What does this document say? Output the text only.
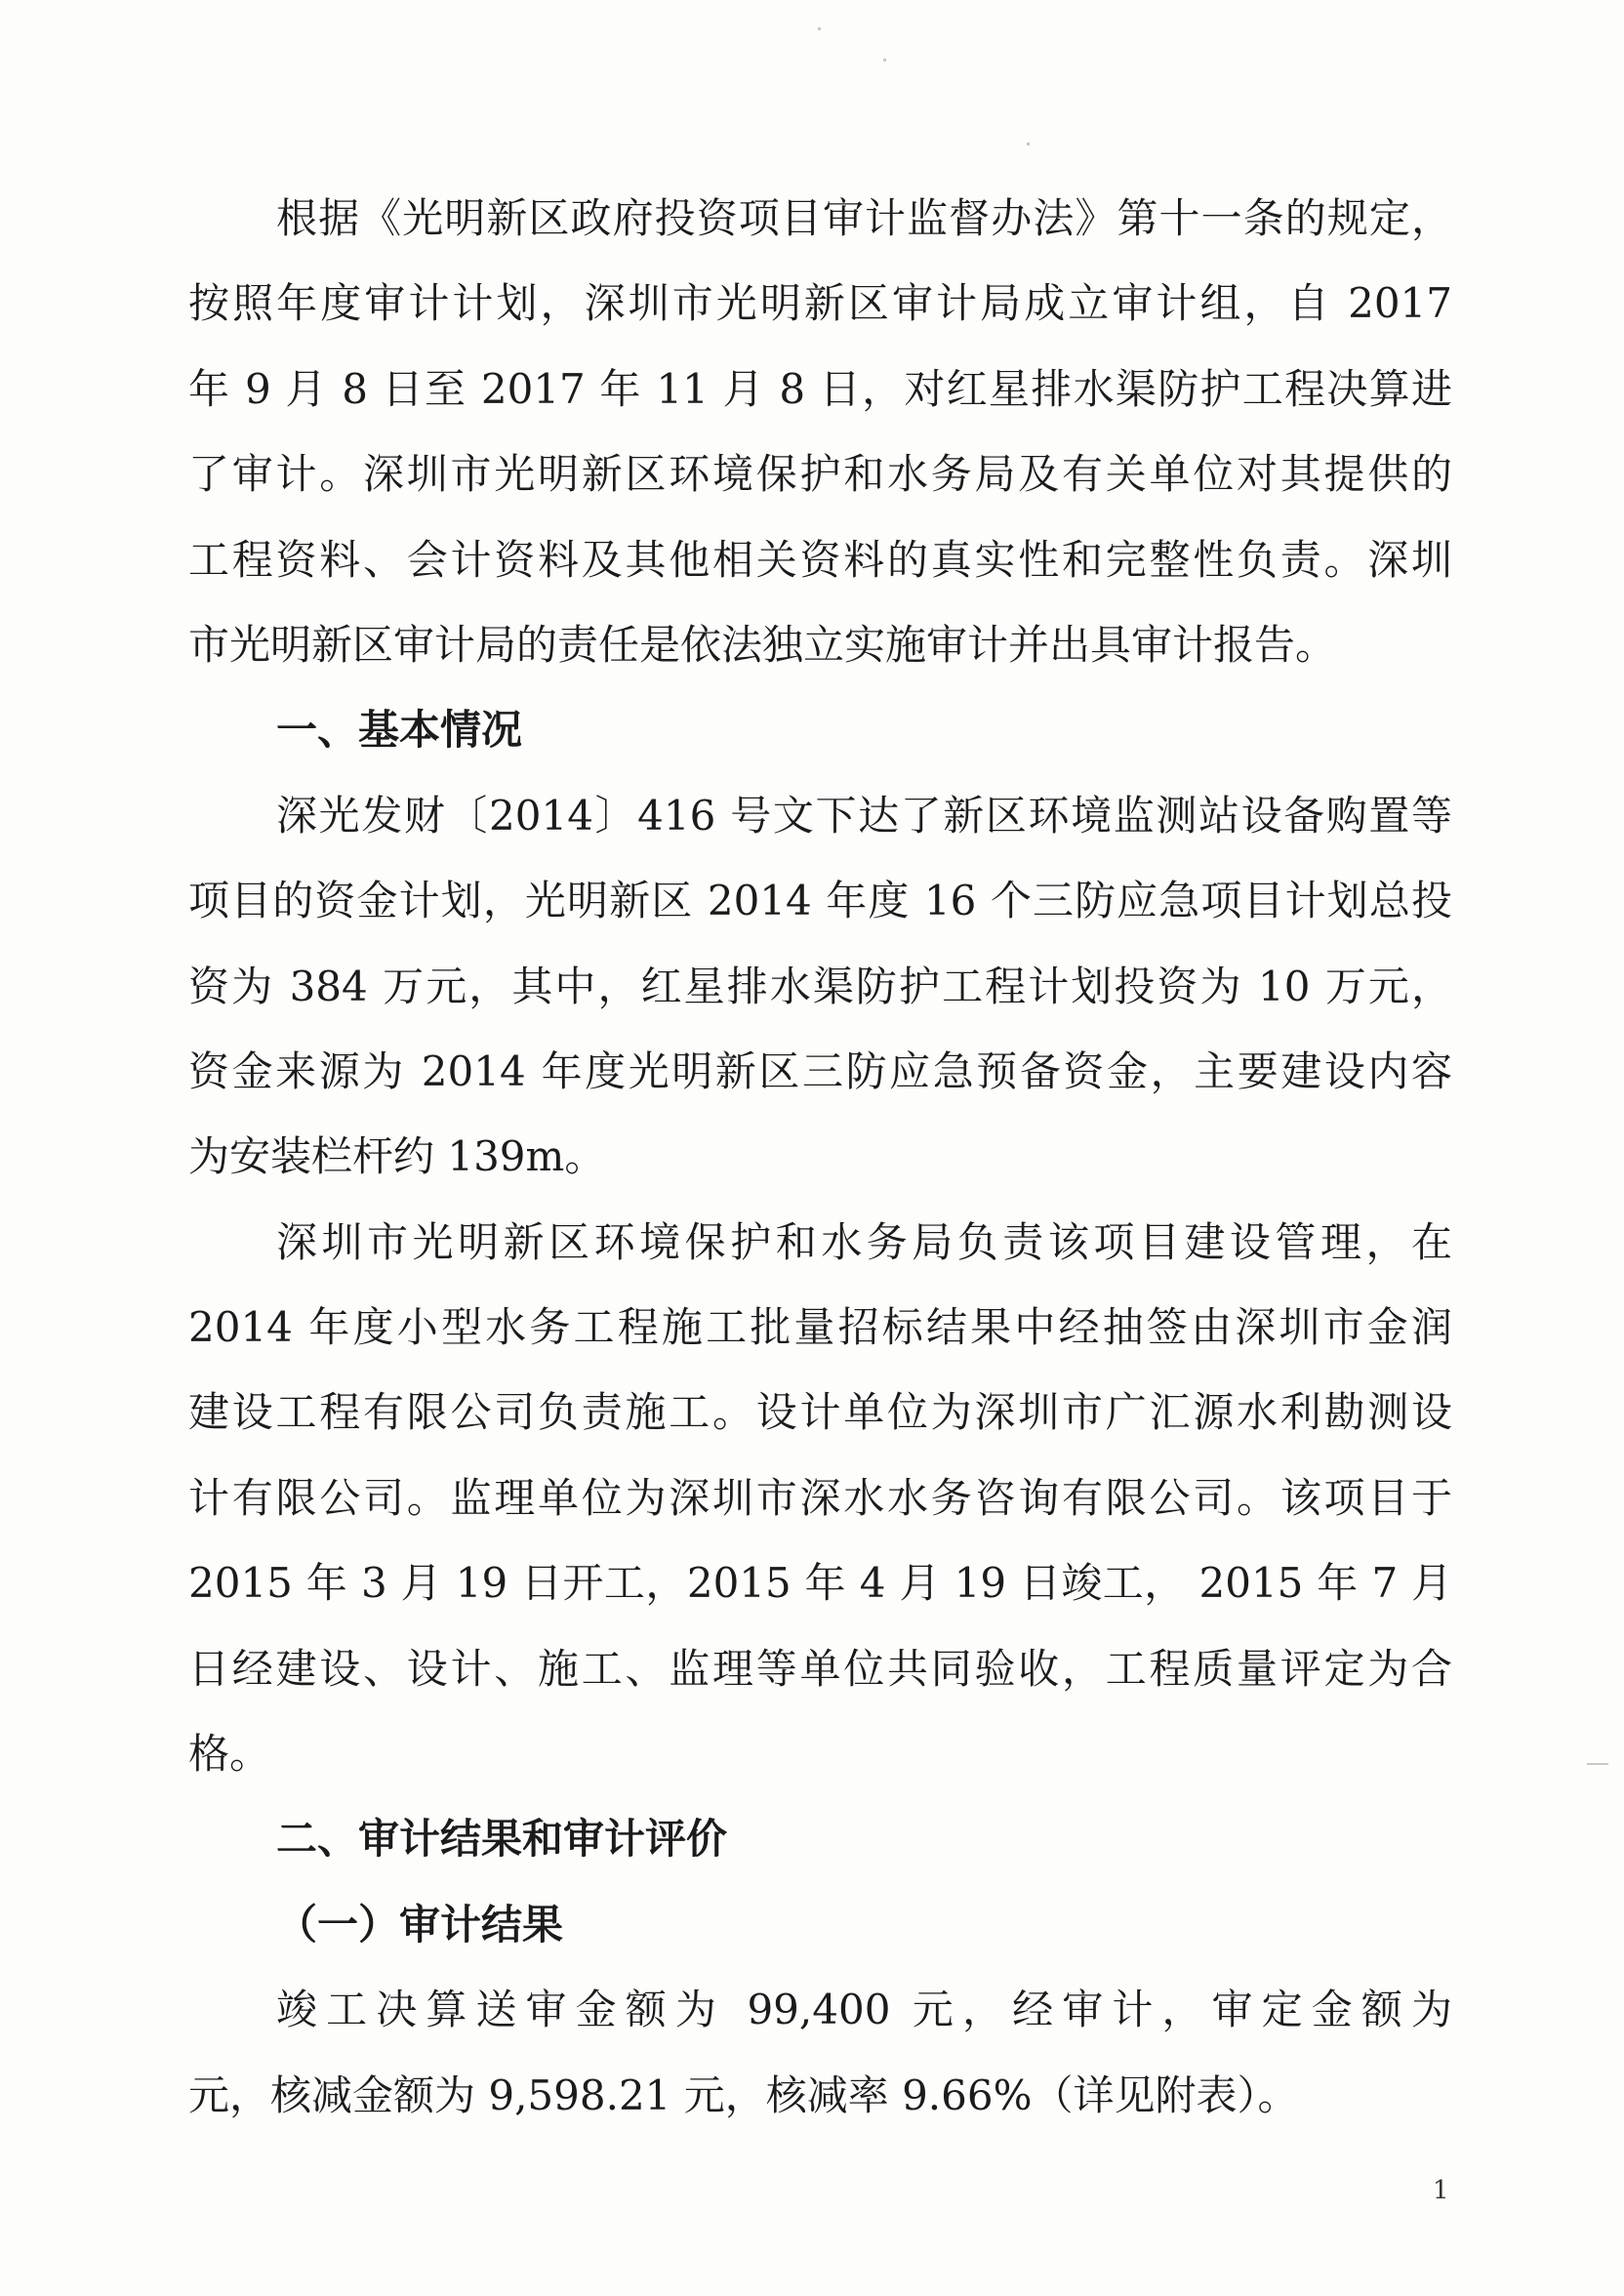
根据《光明新区政府投资项目审计监督办法》第十一条的规定，
按照年度审计计划，深圳市光明新区审计局成立审计组，自 2017
年 9 月 8 日至 2017 年 11 月 8 日，对红星排水渠防护工程决算进
了审计。深圳市光明新区环境保护和水务局及有关单位对其提供的
工程资料、会计资料及其他相关资料的真实性和完整性负责。深圳
市光明新区审计局的责任是依法独立实施审计并出具审计报告。
一、基本情况
深光发财〔2014〕416 号文下达了新区环境监测站设备购置等
项目的资金计划，光明新区 2014 年度 16 个三防应急项目计划总投
资为 384 万元，其中，红星排水渠防护工程计划投资为 10 万元，
资金来源为 2014 年度光明新区三防应急预备资金，主要建设内容
为安装栏杆约 139m。
深圳市光明新区环境保护和水务局负责该项目建设管理，在
2014 年度小型水务工程施工批量招标结果中经抽签由深圳市金润
建设工程有限公司负责施工。设计单位为深圳市广汇源水利勘测设
计有限公司。监理单位为深圳市深水水务咨询有限公司。该项目于
2015 年 3 月 19 日开工，2015 年 4 月 19 日竣工， 2015 年 7 月
日经建设、设计、施工、监理等单位共同验收，工程质量评定为合
格。
二、审计结果和审计评价
（一）审计结果
竣工决算送审金额为 99,400 元，经审计，审定金额为
元，核减金额为 9,598.21 元，核减率 9.66%（详见附表）。
1
